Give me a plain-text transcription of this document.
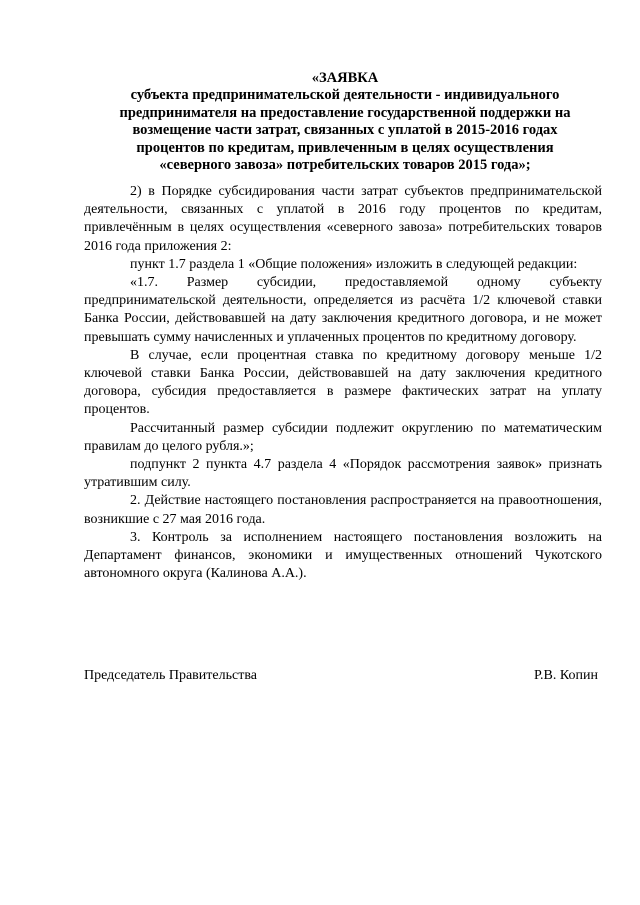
«ЗАЯВКА
субъекта предпринимательской деятельности - индивидуального
предпринимателя на предоставление государственной поддержки на
возмещение части затрат, связанных с уплатой в 2015-2016 годах
процентов по кредитам, привлеченным в целях осуществления
«северного завоза» потребительских товаров 2015 года»;

2) в Порядке субсидирования части затрат субъектов предпринимательской деятельности, связанных с уплатой в 2016 году процентов по кредитам, привлечённым в целях осуществления «северного завоза» потребительских товаров 2016 года приложения 2:

пункт 1.7 раздела 1 «Общие положения» изложить в следующей редакции:

«1.7. Размер субсидии, предоставляемой одному субъекту предпринимательской деятельности, определяется из расчёта 1/2 ключевой ставки Банка России, действовавшей на дату заключения кредитного договора, и не может превышать сумму начисленных и уплаченных процентов по кредитному договору.

В случае, если процентная ставка по кредитному договору меньше 1/2 ключевой ставки Банка России, действовавшей на дату заключения кредитного договора, субсидия предоставляется в размере фактических затрат на уплату процентов.

Рассчитанный размер субсидии подлежит округлению по математическим правилам до целого рубля.»;

подпункт 2 пункта 4.7 раздела 4 «Порядок рассмотрения заявок» признать утратившим силу.

2. Действие настоящего постановления распространяется на правоотношения, возникшие с 27 мая 2016 года.

3. Контроль за исполнением настоящего постановления возложить на Департамент финансов, экономики и имущественных отношений Чукотского автономного округа (Калинова А.А.).

Председатель Правительства	Р.В. Копин
